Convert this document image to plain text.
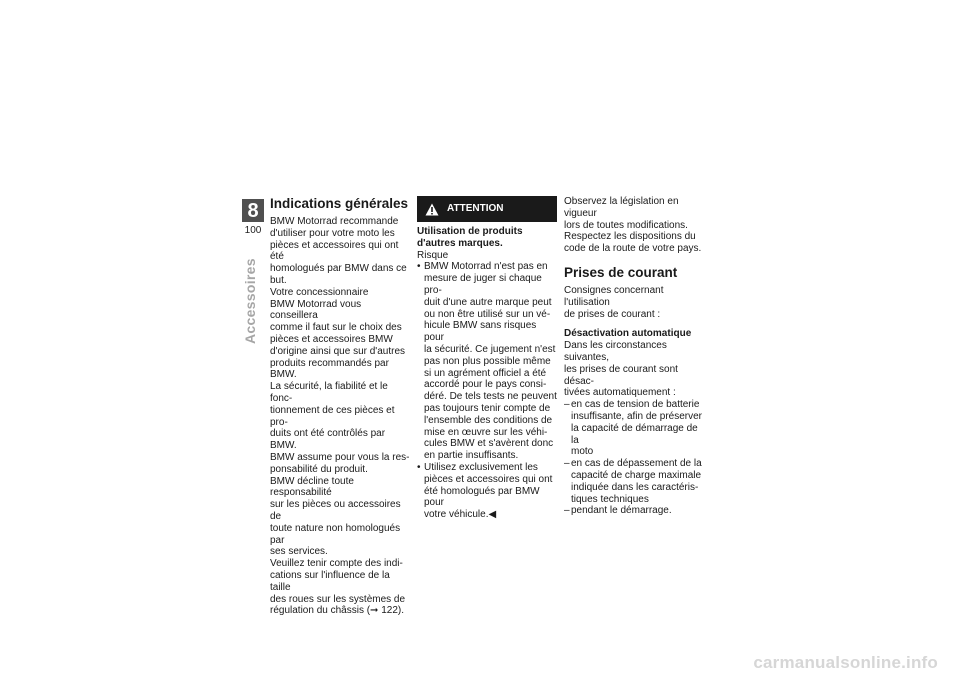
8
100
Accessoires
Indications générales
BMW Motorrad recommande
d'utiliser pour votre moto les
pièces et accessoires qui ont été
homologués par BMW dans ce
but.
Votre concessionnaire
BMW Motorrad vous conseillera
comme il faut sur le choix des
pièces et accessoires BMW
d'origine ainsi que sur d'autres
produits recommandés par BMW.
La sécurité, la fiabilité et le fonc-
tionnement de ces pièces et pro-
duits ont été contrôlés par BMW.
BMW assume pour vous la res-
ponsabilité du produit.
BMW décline toute responsabilité
sur les pièces ou accessoires de
toute nature non homologués par
ses services.
Veuillez tenir compte des indi-
cations sur l'influence de la taille
des roues sur les systèmes de
régulation du châssis (➞ 122).
ATTENTION
Utilisation de produits
d'autres marques.

Risque

• BMW Motorrad n'est pas en
mesure de juger si chaque pro-
duit d'une autre marque peut
ou non être utilisé sur un vé-
hicule BMW sans risques pour
la sécurité. Ce jugement n'est
pas non plus possible même
si un agrément officiel a été
accordé pour le pays consi-
déré. De tels tests ne peuvent
pas toujours tenir compte de
l'ensemble des conditions de
mise en œuvre sur les véhi-
cules BMW et s'avèrent donc
en partie insuffisants.
• Utilisez exclusivement les
pièces et accessoires qui ont
été homologués par BMW pour
votre véhicule.◀
Observez la législation en vigueur
lors de toutes modifications.
Respectez les dispositions du
code de la route de votre pays.
Prises de courant
Consignes concernant l'utilisation
de prises de courant :

Désactivation automatique

Dans les circonstances suivantes,
les prises de courant sont désac-
tivées automatiquement :
– en cas de tension de batterie
insuffisante, afin de préserver
la capacité de démarrage de la
moto
– en cas de dépassement de la
capacité de charge maximale
indiquée dans les caractéris-
tiques techniques
– pendant le démarrage.
carmanualsonline.info
